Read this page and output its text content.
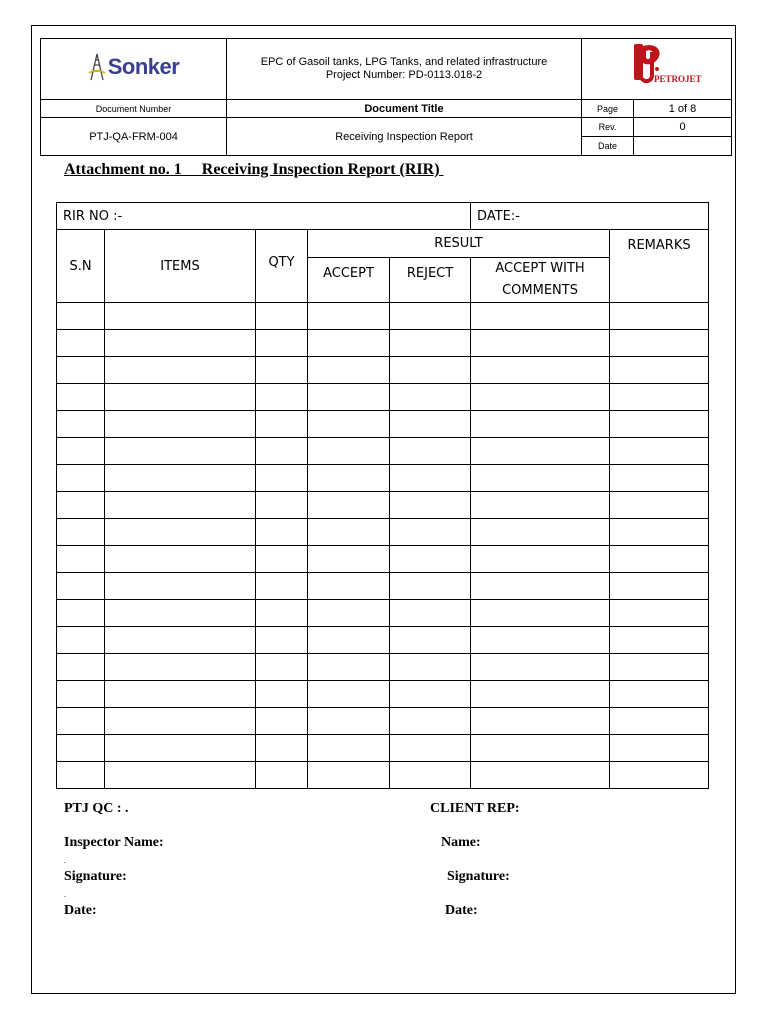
Sonker	EPC of Gasoil tanks, LPG Tanks, and related infrastructure
Project Number: PD-0113.018-2	PETROJET	

Document Number	Document Title	Page	1 of 8
PTJ-QA-FRM-004	Receiving Inspection Report	Rev.	0
		Date	
Attachment no. 1     Receiving Inspection Report (RIR)
RIR NO :-					DATE:-	
S.N	ITEMS	QTY	RESULT			REMARKS
			ACCEPT	REJECT	ACCEPT WITH
COMMENTS	

PTJ QC : .	CLIENT REP:
Inspector Name:	Name:
.
Signature:	Signature:
.
Date:	Date:
